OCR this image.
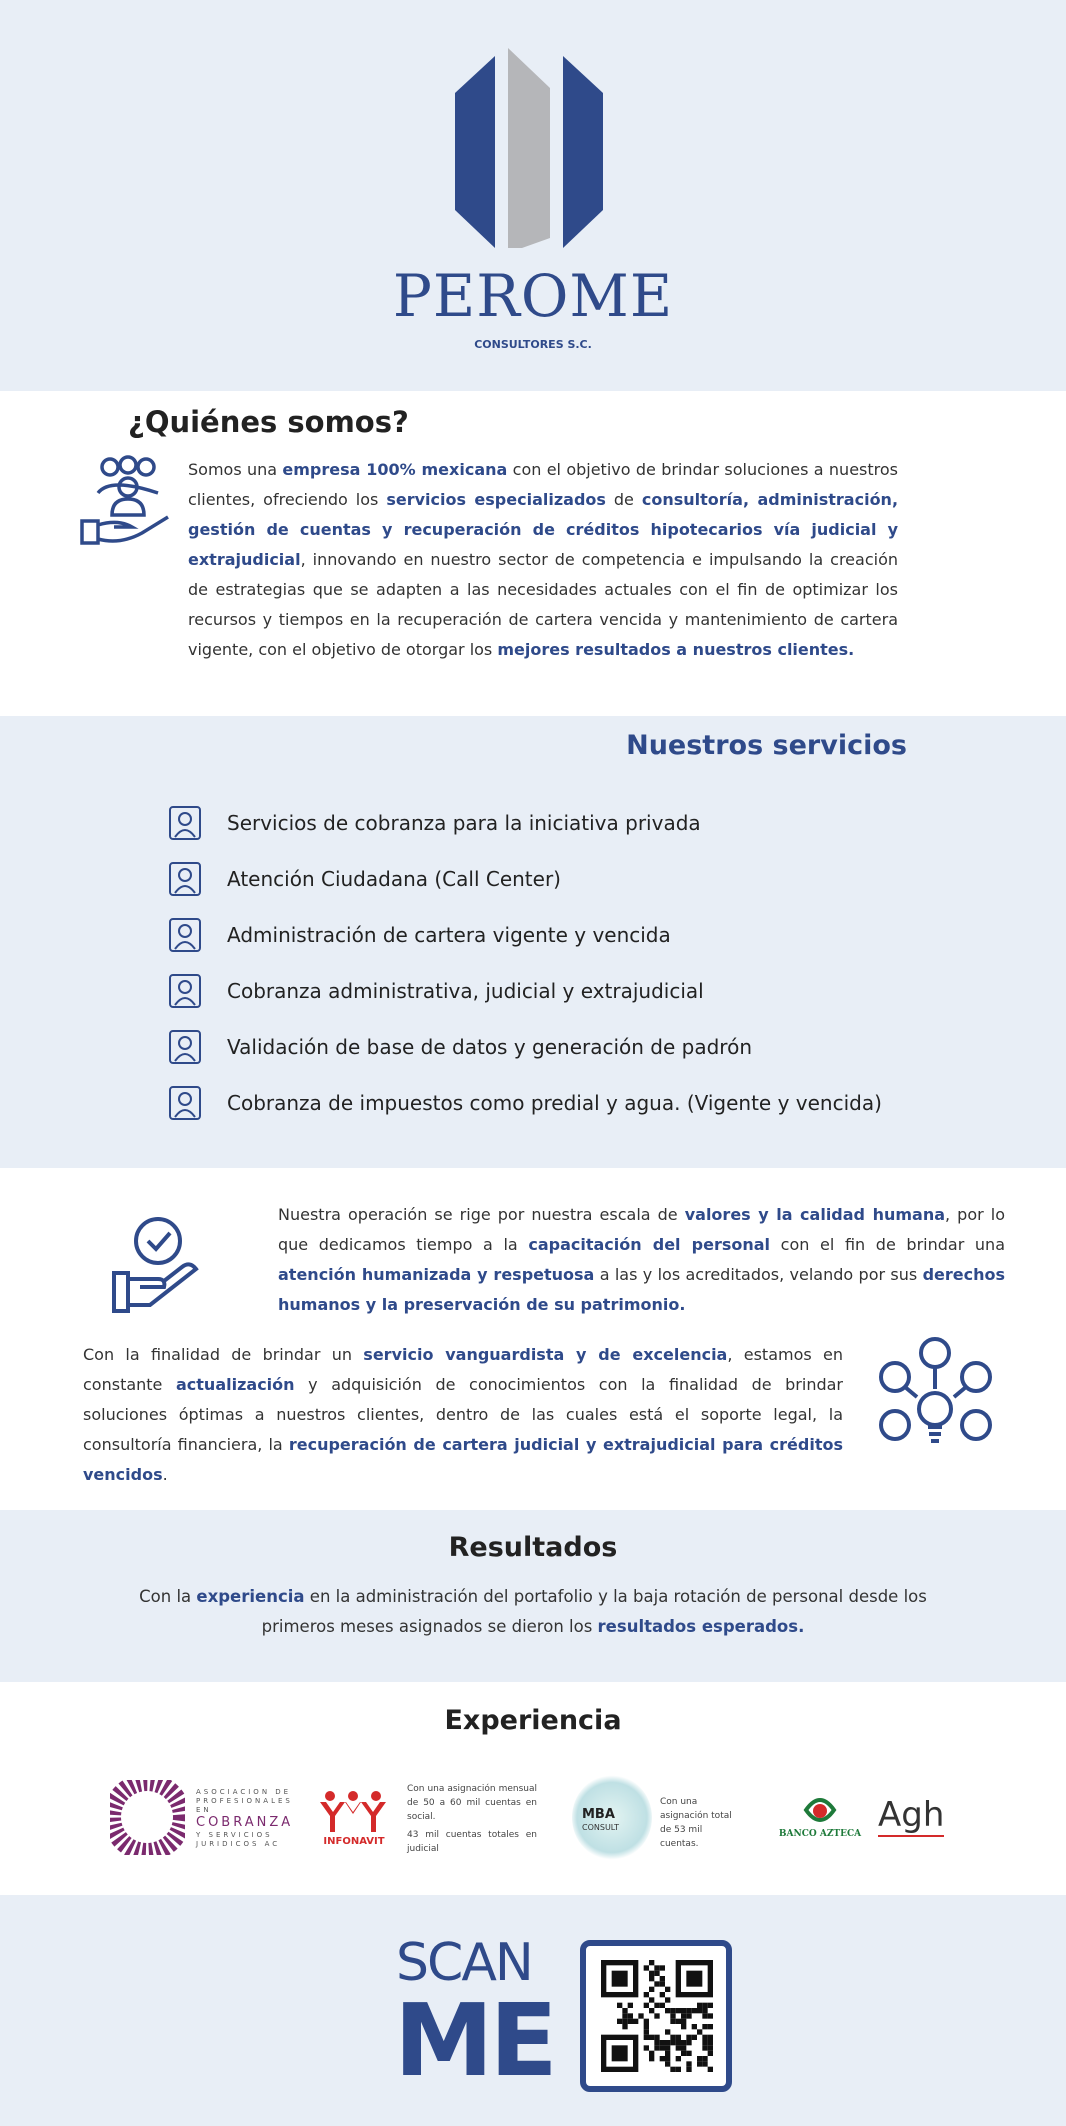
PEROME
CONSULTORES S.C.
¿Quiénes somos?

Somos una empresa 100% mexicana con el objetivo de brindar soluciones a nuestros clientes, ofreciendo los servicios especializados de consultoría, administración, gestión de cuentas y recuperación de créditos hipotecarios vía judicial y extrajudicial, innovando en nuestro sector de competencia e impulsando la creación de estrategias que se adapten a las necesidades actuales con el fin de optimizar los recursos y tiempos en la recuperación de cartera vencida y mantenimiento de cartera vigente, con el objetivo de otorgar los mejores resultados a nuestros clientes.

Nuestros servicios
Servicios de cobranza para la iniciativa privada
Atención Ciudadana (Call Center)
Administración de cartera vigente y vencida
Cobranza administrativa, judicial y extrajudicial
Validación de base de datos y generación de padrón
Cobranza de impuestos como predial y agua. (Vigente y vencida)

Nuestra operación se rige por nuestra escala de valores y la calidad humana, por lo que dedicamos tiempo a la capacitación del personal con el fin de brindar una atención humanizada y respetuosa a las y los acreditados, velando por sus derechos humanos y la preservación de su patrimonio.

Con la finalidad de brindar un servicio vanguardista y de excelencia, estamos en constante actualización y adquisición de conocimientos con la finalidad de brindar soluciones óptimas a nuestros clientes, dentro de las cuales está el soporte legal, la consultoría financiera, la recuperación de cartera judicial y extrajudicial para créditos vencidos.

Resultados

Con la experiencia en la administración del portafolio y la baja rotación de personal desde los primeros meses asignados se dieron los resultados esperados.

Experiencia
ASOCIACION DE
PROFESIONALES EN
COBRANZA
Y SERVICIOS
JURIDICOS AC	INFONAVIT
Con una asignación mensual de 50 a 60 mil cuentas en social.
43 mil cuentas totales en judicial
MBA
CONSULT
Con una asignación total de 53 mil cuentas.
BANCO AZTECA Agh
SCAN
ME
